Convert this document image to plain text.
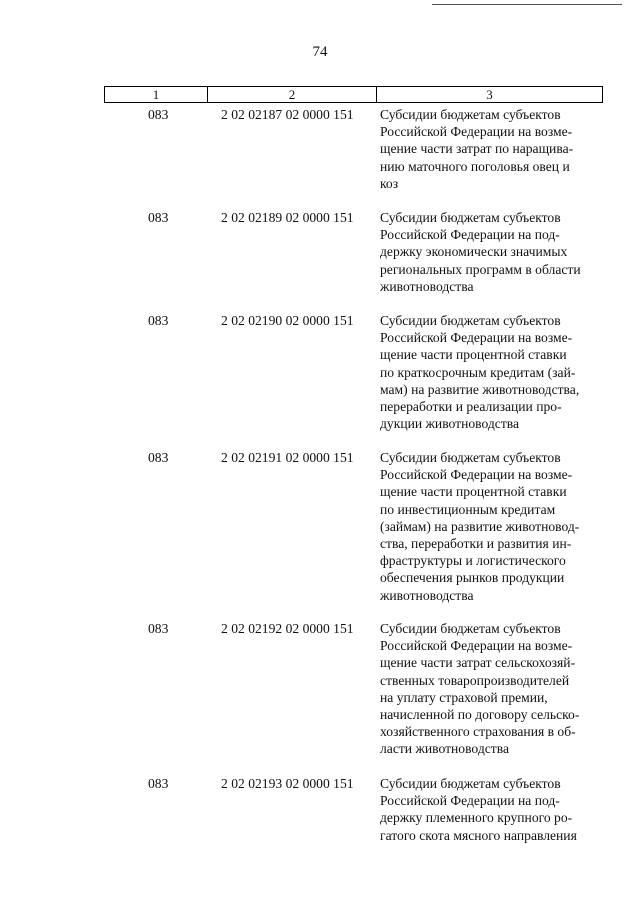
74
1	2	3
083	2 02 02187 02 0000 151 Субсидии бюджетам субъектов
Российской Федерации на возме-
щение части затрат по наращива-
нию маточного поголовья овец и
коз
083	2 02 02189 02 0000 151 Субсидии бюджетам субъектов
Российской Федерации на под-
держку экономически значимых
региональных программ в области
животноводства
083	2 02 02190 02 0000 151 Субсидии бюджетам субъектов
Российской Федерации на возме-
щение части процентной ставки
по краткосрочным кредитам (зай-
мам) на развитие животноводства,
переработки и реализации про-
дукции животноводства
083	2 02 02191 02 0000 151 Субсидии бюджетам субъектов
Российской Федерации на возме-
щение части процентной ставки
по инвестиционным кредитам
(займам) на развитие животновод-
ства, переработки и развития ин-
фраструктуры и логистического
обеспечения рынков продукции
животноводства
083	2 02 02192 02 0000 151 Субсидии бюджетам субъектов
Российской Федерации на возме-
щение части затрат сельскохозяй-
ственных товаропроизводителей
на уплату страховой премии,
начисленной по договору сельско-
хозяйственного страхования в об-
ласти животноводства
083	2 02 02193 02 0000 151 Субсидии бюджетам субъектов
Российской Федерации на под-
держку племенного крупного ро-
гатого скота мясного направления
